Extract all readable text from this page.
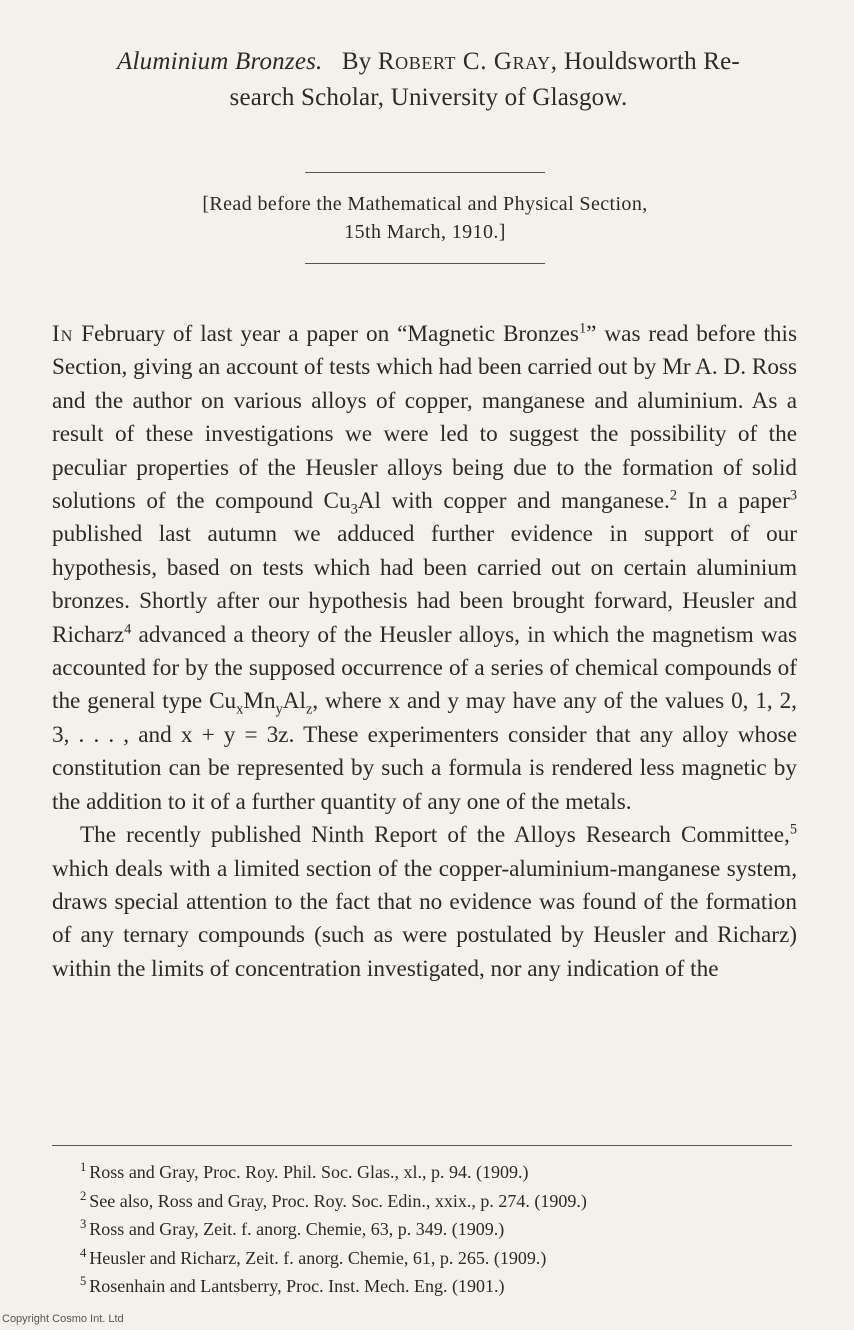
Aluminium Bronzes. By Robert C. Gray, Houldsworth Re-
search Scholar, University of Glasgow.
[Read before the Mathematical and Physical Section,
15th March, 1910.]

In February of last year a paper on “Magnetic Bronzes$^1$” was read before this Section, giving an account of tests which had been carried out by Mr A. D. Ross and the author on various alloys of copper, manganese and aluminium. As a result of these investigations we were led to suggest the possibility of the peculiar properties of the Heusler alloys being due to the formation of solid solutions of the compound $Cu_3Al$ with copper and manganese.$^2$ In a paper$^3$ published last autumn we adduced further evidence in support of our hypothesis, based on tests which had been carried out on certain aluminium bronzes. Shortly after our hypothesis had been brought forward, Heusler and Richarz$^4$ advanced a theory of the Heusler alloys, in which the magnetism was accounted for by the supposed occurrence of a series of chemical compounds of the general type $Cu_xMn_yAl_z$, where x and y may have any of the values 0, 1, 2, 3, . . . , and x + y = 3z. These experimenters consider that any alloy whose constitution can be represented by such a formula is rendered less magnetic by the addition to it of a further quantity of any one of the metals.

The recently published Ninth Report of the Alloys Research Committee,$^5$ which deals with a limited section of the copper-aluminium-manganese system, draws special attention to the fact that no evidence was found of the formation of any ternary compounds (such as were postulated by Heusler and Richarz) within the limits of concentration investigated, nor any indication of the

$^1$ Ross and Gray, Proc. Roy. Phil. Soc. Glas., xl., p. 94. (1909.)
$^2$ See also, Ross and Gray, Proc. Roy. Soc. Edin., xxix., p. 274. (1909.)
$^3$ Ross and Gray, Zeit. f. anorg. Chemie, 63, p. 349. (1909.)
$^4$ Heusler and Richarz, Zeit. f. anorg. Chemie, 61, p. 265. (1909.)
$^5$ Rosenhain and Lantsberry, Proc. Inst. Mech. Eng. (1901.)
Copyright Cosmo Int. Ltd
